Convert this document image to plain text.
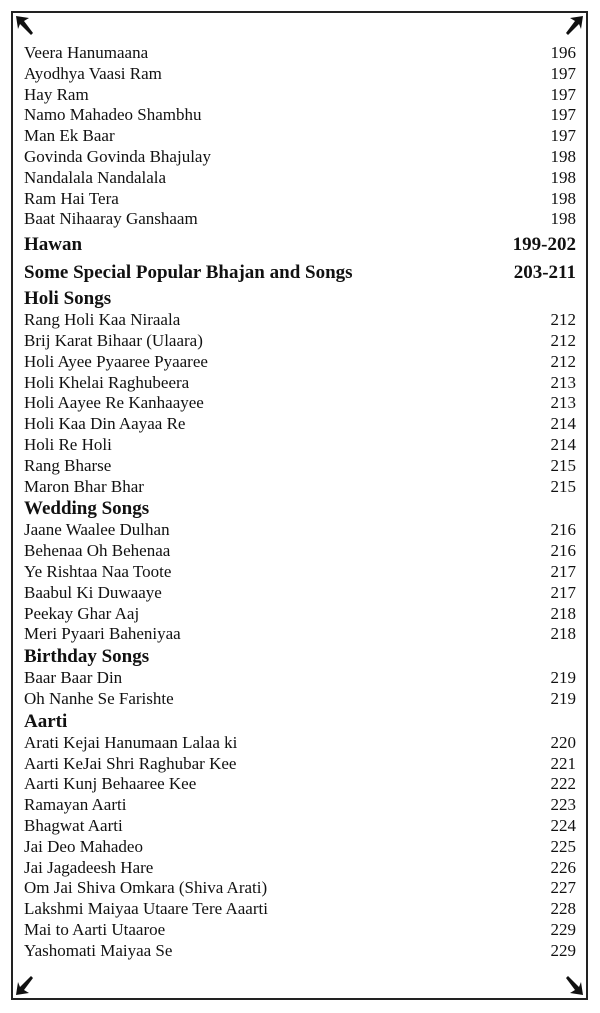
Veera Hanumaana	196
Ayodhya Vaasi Ram	197
Hay Ram	197
Namo Mahadeo Shambhu	197
Man Ek Baar	197
Govinda Govinda Bhajulay	198
Nandalala Nandalala	198
Ram Hai Tera	198
Baat Nihaaray Ganshaam	198
Hawan	199-202
Some Special Popular Bhajan and Songs	203-211
Holi Songs
Rang Holi Kaa Niraala	212
Brij Karat Bihaar (Ulaara)	212
Holi Ayee Pyaaree Pyaaree	212
Holi Khelai Raghubeera	213
Holi Aayee Re Kanhaayee	213
Holi Kaa Din Aayaa Re	214
Holi Re Holi	214
Rang Bharse	215
Maron Bhar Bhar	215
Wedding Songs
Jaane Waalee Dulhan	216
Behenaa Oh Behenaa	216
Ye Rishtaa Naa Toote	217
Baabul Ki Duwaaye	217
Peekay Ghar Aaj	218
Meri Pyaari Baheniyaa	218
Birthday Songs
Baar Baar Din	219
Oh Nanhe Se Farishte	219
Aarti
Arati Kejai Hanumaan Lalaa ki	220
Aarti KeJai Shri Raghubar Kee	221
Aarti Kunj Behaaree Kee	222
Ramayan Aarti	223
Bhagwat Aarti	224
Jai Deo Mahadeo	225
Jai Jagadeesh Hare	226
Om Jai Shiva Omkara (Shiva Arati)	227
Lakshmi Maiyaa Utaare Tere Aaarti	228
Mai to Aarti Utaaroe	229
Yashomati Maiyaa Se	229
